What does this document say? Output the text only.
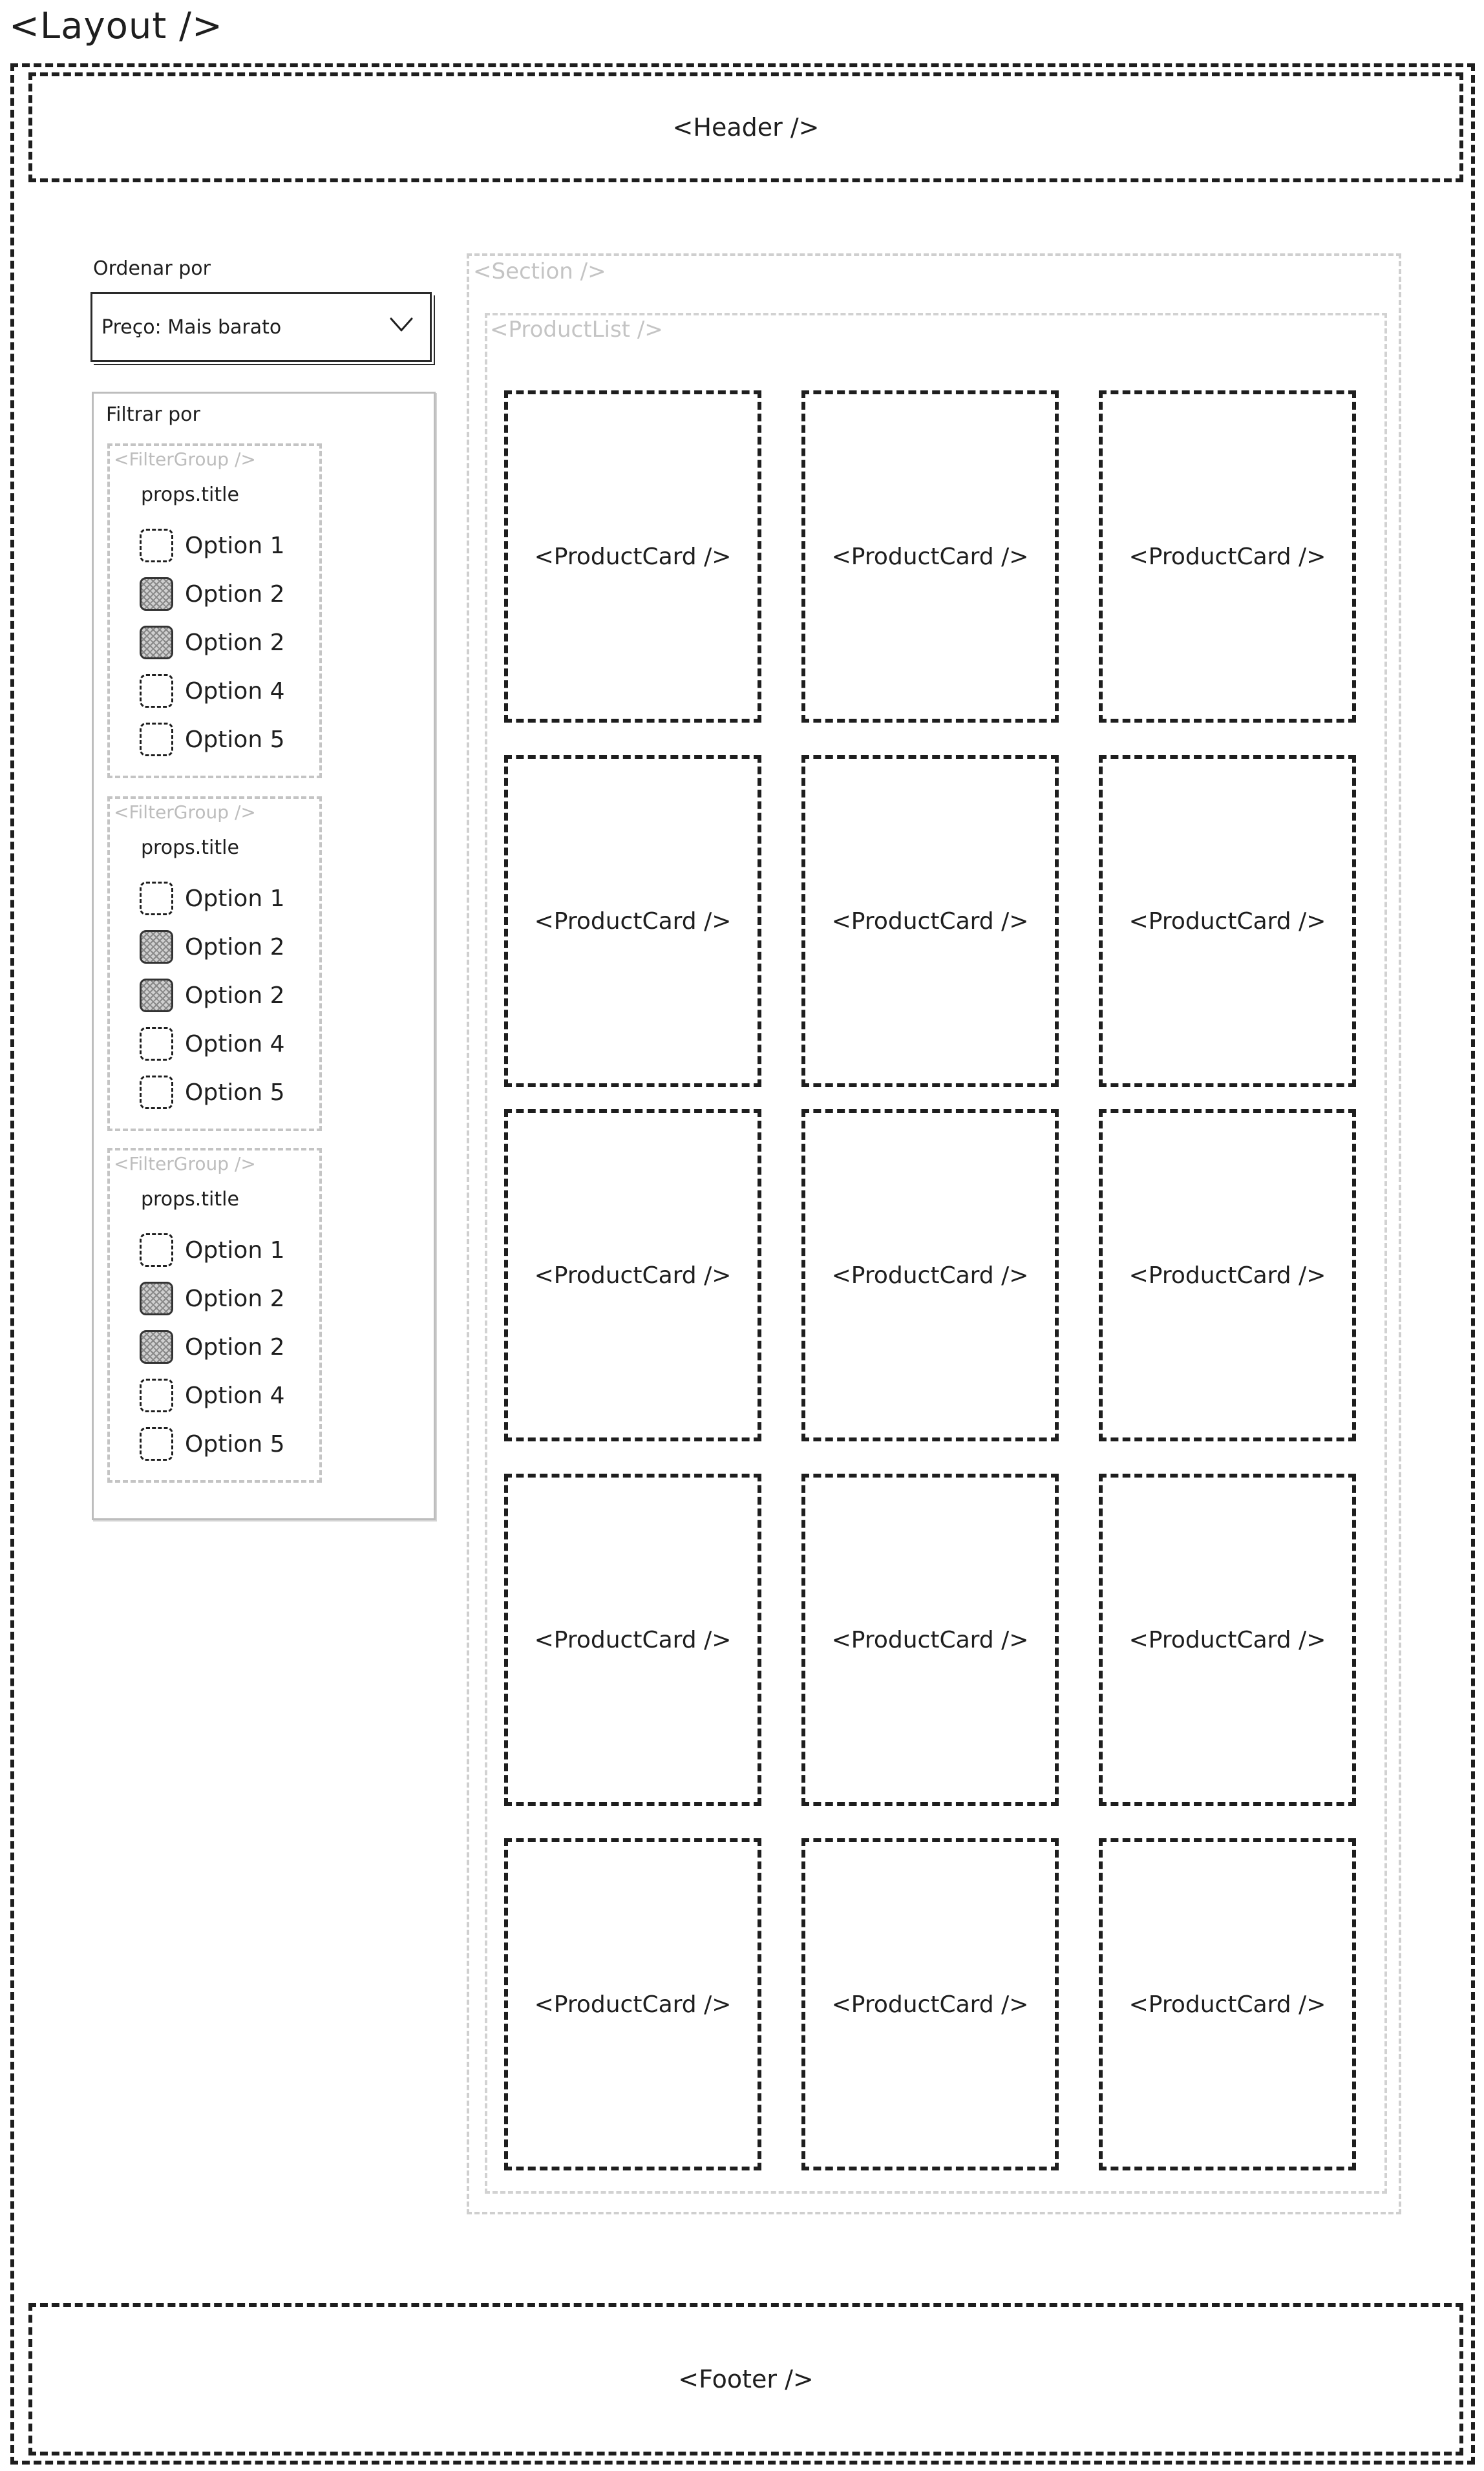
<Layout />
<Header />
Ordenar por
Preço: Mais barato
Filtrar por
<FilterGroup />
props.title
Option 1
Option 2
Option 2
Option 4
Option 5
<FilterGroup />
props.title
Option 1
Option 2
Option 2
Option 4
Option 5
<FilterGroup />
props.title
Option 1
Option 2
Option 2
Option 4
Option 5
<Section />
<ProductList />
<ProductCard />	<ProductCard />	<ProductCard />
<ProductCard />	<ProductCard />	<ProductCard />
<ProductCard />	<ProductCard />	<ProductCard />
<ProductCard />	<ProductCard />	<ProductCard />
<ProductCard />	<ProductCard />	<ProductCard />
<Footer />
